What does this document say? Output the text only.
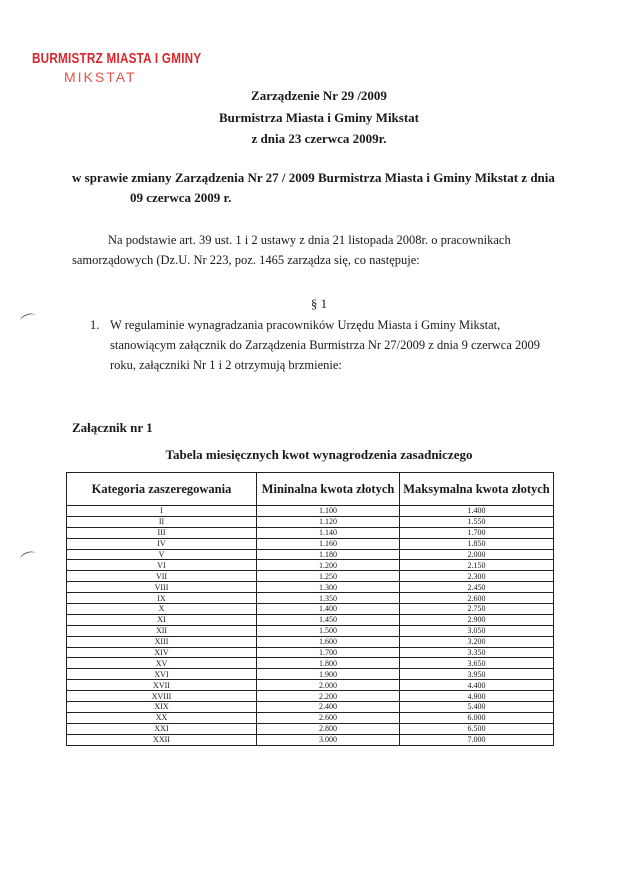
BURMISTRZ MIASTA I GMINY
MIKSTAT
Zarządzenie Nr 29 /2009
Burmistrza Miasta i Gminy Mikstat
z dnia 23 czerwca 2009r.
w sprawie zmiany Zarządzenia Nr 27 / 2009 Burmistrza Miasta i Gminy Mikstat z dnia
09 czerwca 2009 r.
Na podstawie art. 39 ust. 1 i 2 ustawy z dnia 21 listopada 2008r. o pracownikach
samorządowych (Dz.U. Nr 223, poz. 1465 zarządza się, co następuje:
§ 1
1. W regulaminie wynagradzania pracowników Urzędu Miasta i Gminy Mikstat,
stanowiącym załącznik do Zarządzenia Burmistrza Nr 27/2009 z dnia 9 czerwca 2009
roku, załączniki Nr 1 i 2 otrzymują brzmienie:
Załącznik nr 1
Tabela miesięcznych kwot wynagrodzenia zasadniczego
Kategoria zaszeregowania	Mininalna kwota złotych	Maksymalna kwota złotych
I	1.100	1.400
II	1.120	1.550
III	1.140	1.700
IV	1.160	1.850
V	1.180	2.000
VI	1.200	2.150
VII	1.250	2.300
VIII	1.300	2.450
IX	1.350	2.600
X	1.400	2.750
XI	1.450	2.900
XII	1.500	3.050
XIII	1.600	3.200
XIV	1.700	3.350
XV	1.800	3.650
XVI	1.900	3.950
XVII	2.000	4.400
XVIII	2.200	4.900
XIX	2.400	5.400
XX	2.600	6.000
XXI	2.800	6.500
XXII	3.000	7.000
